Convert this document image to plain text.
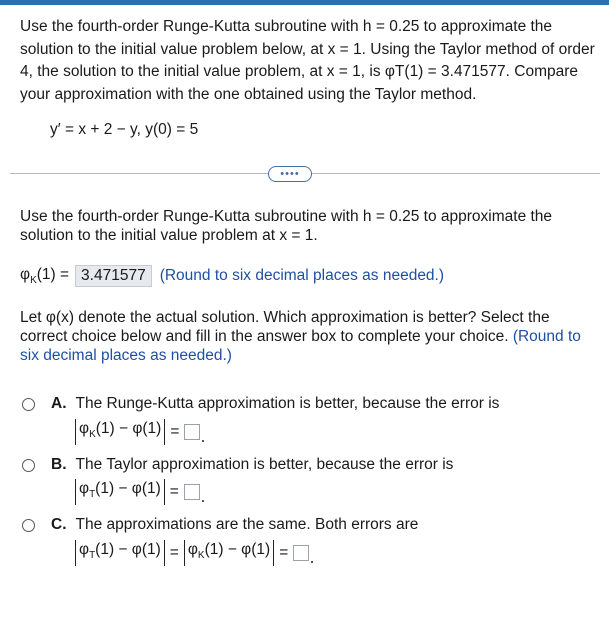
Use the fourth-order Runge-Kutta subroutine with h = 0.25 to approximate the solution to the initial value problem below, at x = 1. Using the Taylor method of order 4, the solution to the initial value problem, at x = 1, is φT(1) = 3.471577. Compare your approximation with the one obtained using the Taylor method.
y′ = x + 2 − y, y(0) = 5
••••
Use the fourth-order Runge-Kutta subroutine with h = 0.25 to approximate the solution to the initial value problem at x = 1.
$\varphi_K(1) = 3.471577$ (Round to six decimal places as needed.)
Let φ(x) denote the actual solution. Which approximation is better? Select the correct choice below and fill in the answer box to complete your choice. (Round to six decimal places as needed.)
A. The Runge-Kutta approximation is better, because the error is
$\varphi_K(1) - \varphi(1)$ =
B. The Taylor approximation is better, because the error is
$\varphi_T(1) - \varphi(1)$ =
C. The approximations are the same. Both errors are
$\varphi_T(1) - \varphi(1) = \varphi_K(1) - \varphi(1)$ =
